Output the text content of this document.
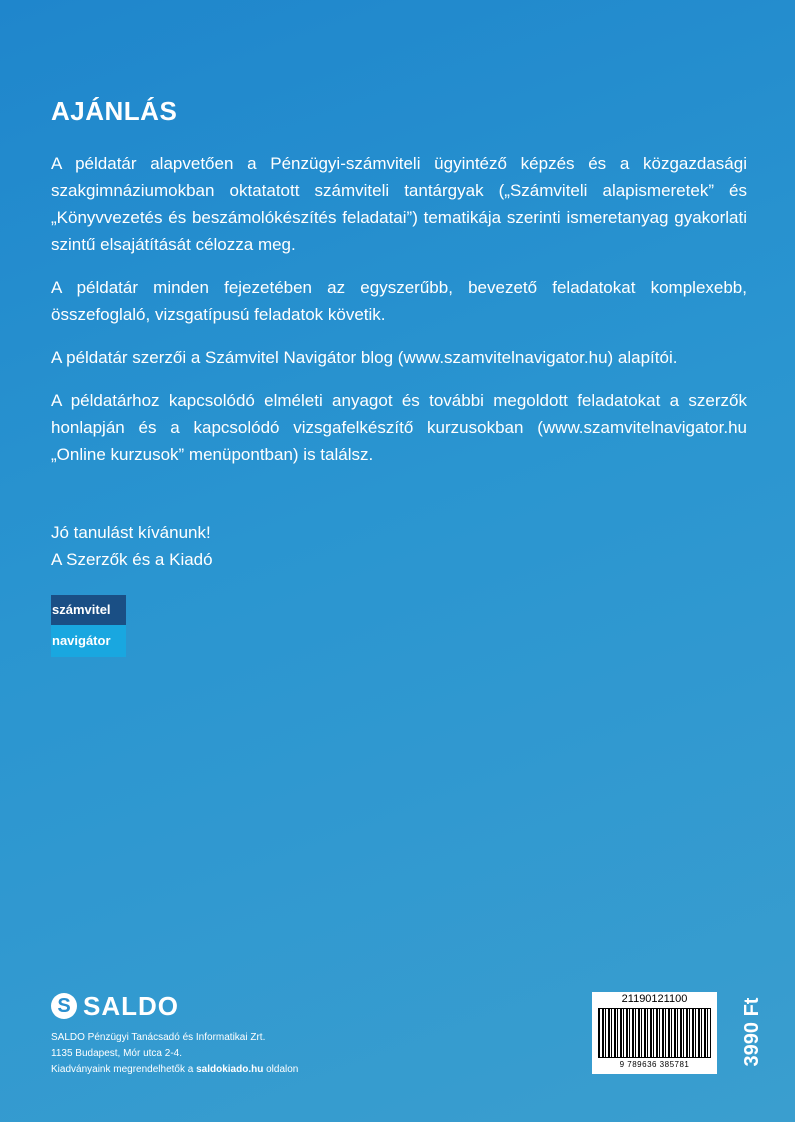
AJÁNLÁS

A példatár alapvetően a Pénzügyi-számviteli ügyintéző képzés és a közgazdasági szakgimnáziumokban oktatatott számviteli tantárgyak („Számviteli alapismeretek” és „Könyvvezetés és beszámolókészítés feladatai”) tematikája szerinti ismeretanyag gyakorlati szintű elsajátítását célozza meg.

A példatár minden fejezetében az egyszerűbb, bevezető feladatokat komplexebb, összefoglaló, vizsgatípusú feladatok követik.

A példatár szerzői a Számvitel Navigátor blog (www.szamvitelnavigator.hu) alapítói.

A példatárhoz kapcsolódó elméleti anyagot és további megoldott feladatokat a szerzők honlapján és a kapcsolódó vizsgafelkészítő kurzusokban (www.szamvitelnavigator.hu „Online kurzusok” menüpontban) is találsz.

Jó tanulást kívánunk!
A Szerzők és a Kiadó
számvitel
navigátor
S SALDO
SALDO Pénzügyi Tanácsadó és Informatikai Zrt.
1135 Budapest, Mór utca 2-4.
Kiadványaink megrendelhetők a saldokiado.hu oldalon
21190121100
9 789636 385781	3990 Ft
